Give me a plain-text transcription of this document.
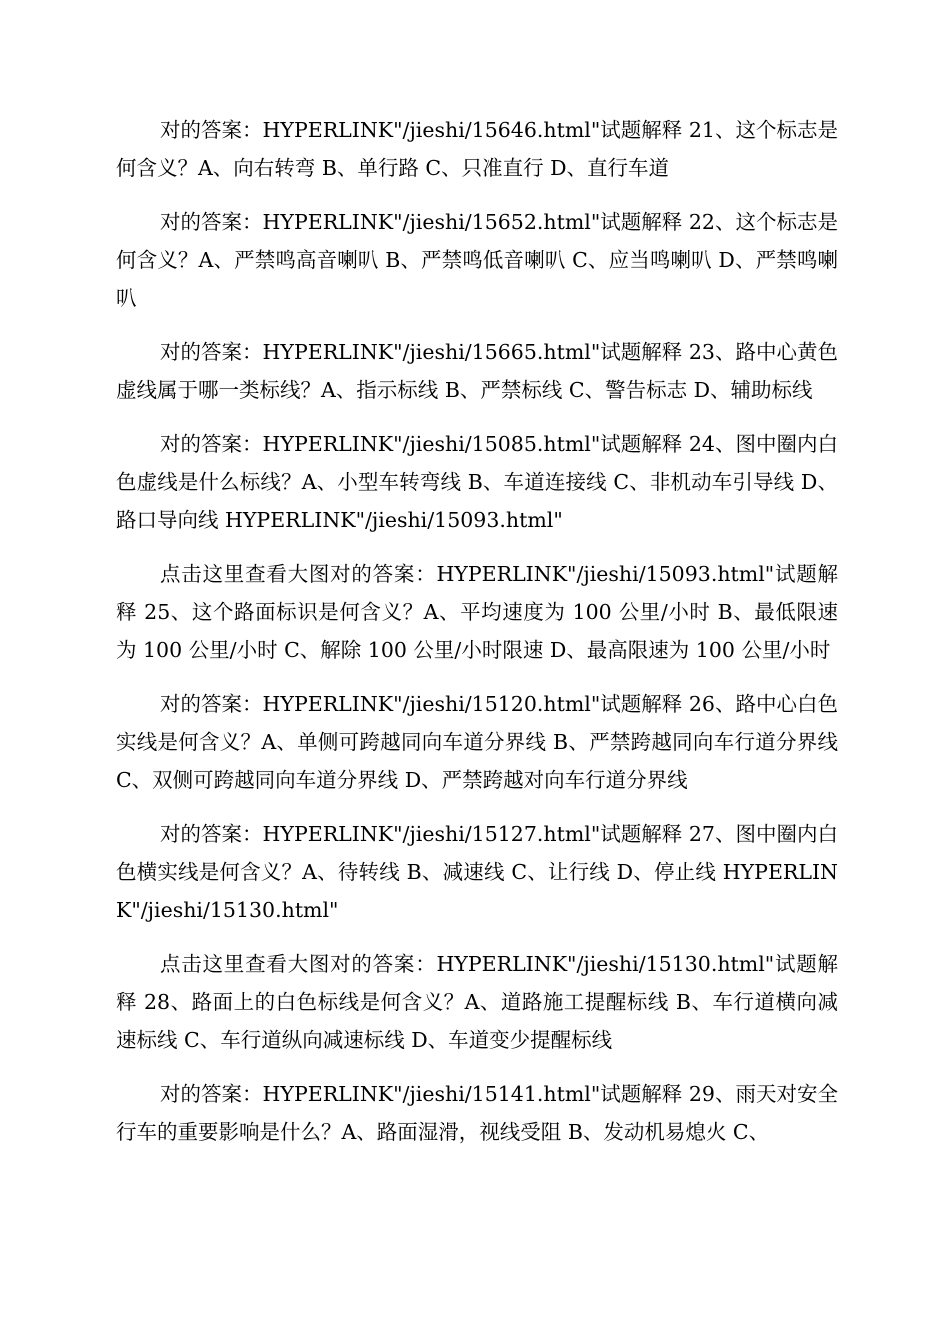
对的答案：HYPERLINK"/jieshi/15646.html"试题解释 21、这个标志是何含义？A、向右转弯 B、单行路 C、只准直行 D、直行车道

对的答案：HYPERLINK"/jieshi/15652.html"试题解释 22、这个标志是何含义？A、严禁鸣高音喇叭 B、严禁鸣低音喇叭 C、应当鸣喇叭 D、严禁鸣喇叭

对的答案：HYPERLINK"/jieshi/15665.html"试题解释 23、路中心黄色虚线属于哪一类标线？A、指示标线 B、严禁标线 C、警告标志 D、辅助标线

对的答案：HYPERLINK"/jieshi/15085.html"试题解释 24、图中圈内白色虚线是什么标线？A、小型车转弯线 B、车道连接线 C、非机动车引导线 D、路口导向线 HYPERLINK"/jieshi/15093.html"

点击这里查看大图对的答案：HYPERLINK"/jieshi/15093.html"试题解释 25、这个路面标识是何含义？A、平均速度为 100 公里/小时 B、最低限速为 100 公里/小时 C、解除 100 公里/小时限速 D、最高限速为 100 公里/小时

对的答案：HYPERLINK"/jieshi/15120.html"试题解释 26、路中心白色实线是何含义？A、单侧可跨越同向车道分界线 B、严禁跨越同向车行道分界线 C、双侧可跨越同向车道分界线 D、严禁跨越对向车行道分界线

对的答案：HYPERLINK"/jieshi/15127.html"试题解释 27、图中圈内白色横实线是何含义？A、待转线 B、减速线 C、让行线 D、停止线 HYPERLINK"/jieshi/15130.html"

点击这里查看大图对的答案：HYPERLINK"/jieshi/15130.html"试题解释 28、路面上的白色标线是何含义？A、道路施工提醒标线 B、车行道横向减速标线 C、车行道纵向减速标线 D、车道变少提醒标线

对的答案：HYPERLINK"/jieshi/15141.html"试题解释 29、雨天对安全行车的重要影响是什么？A、路面湿滑，视线受阻 B、发动机易熄火 C、
